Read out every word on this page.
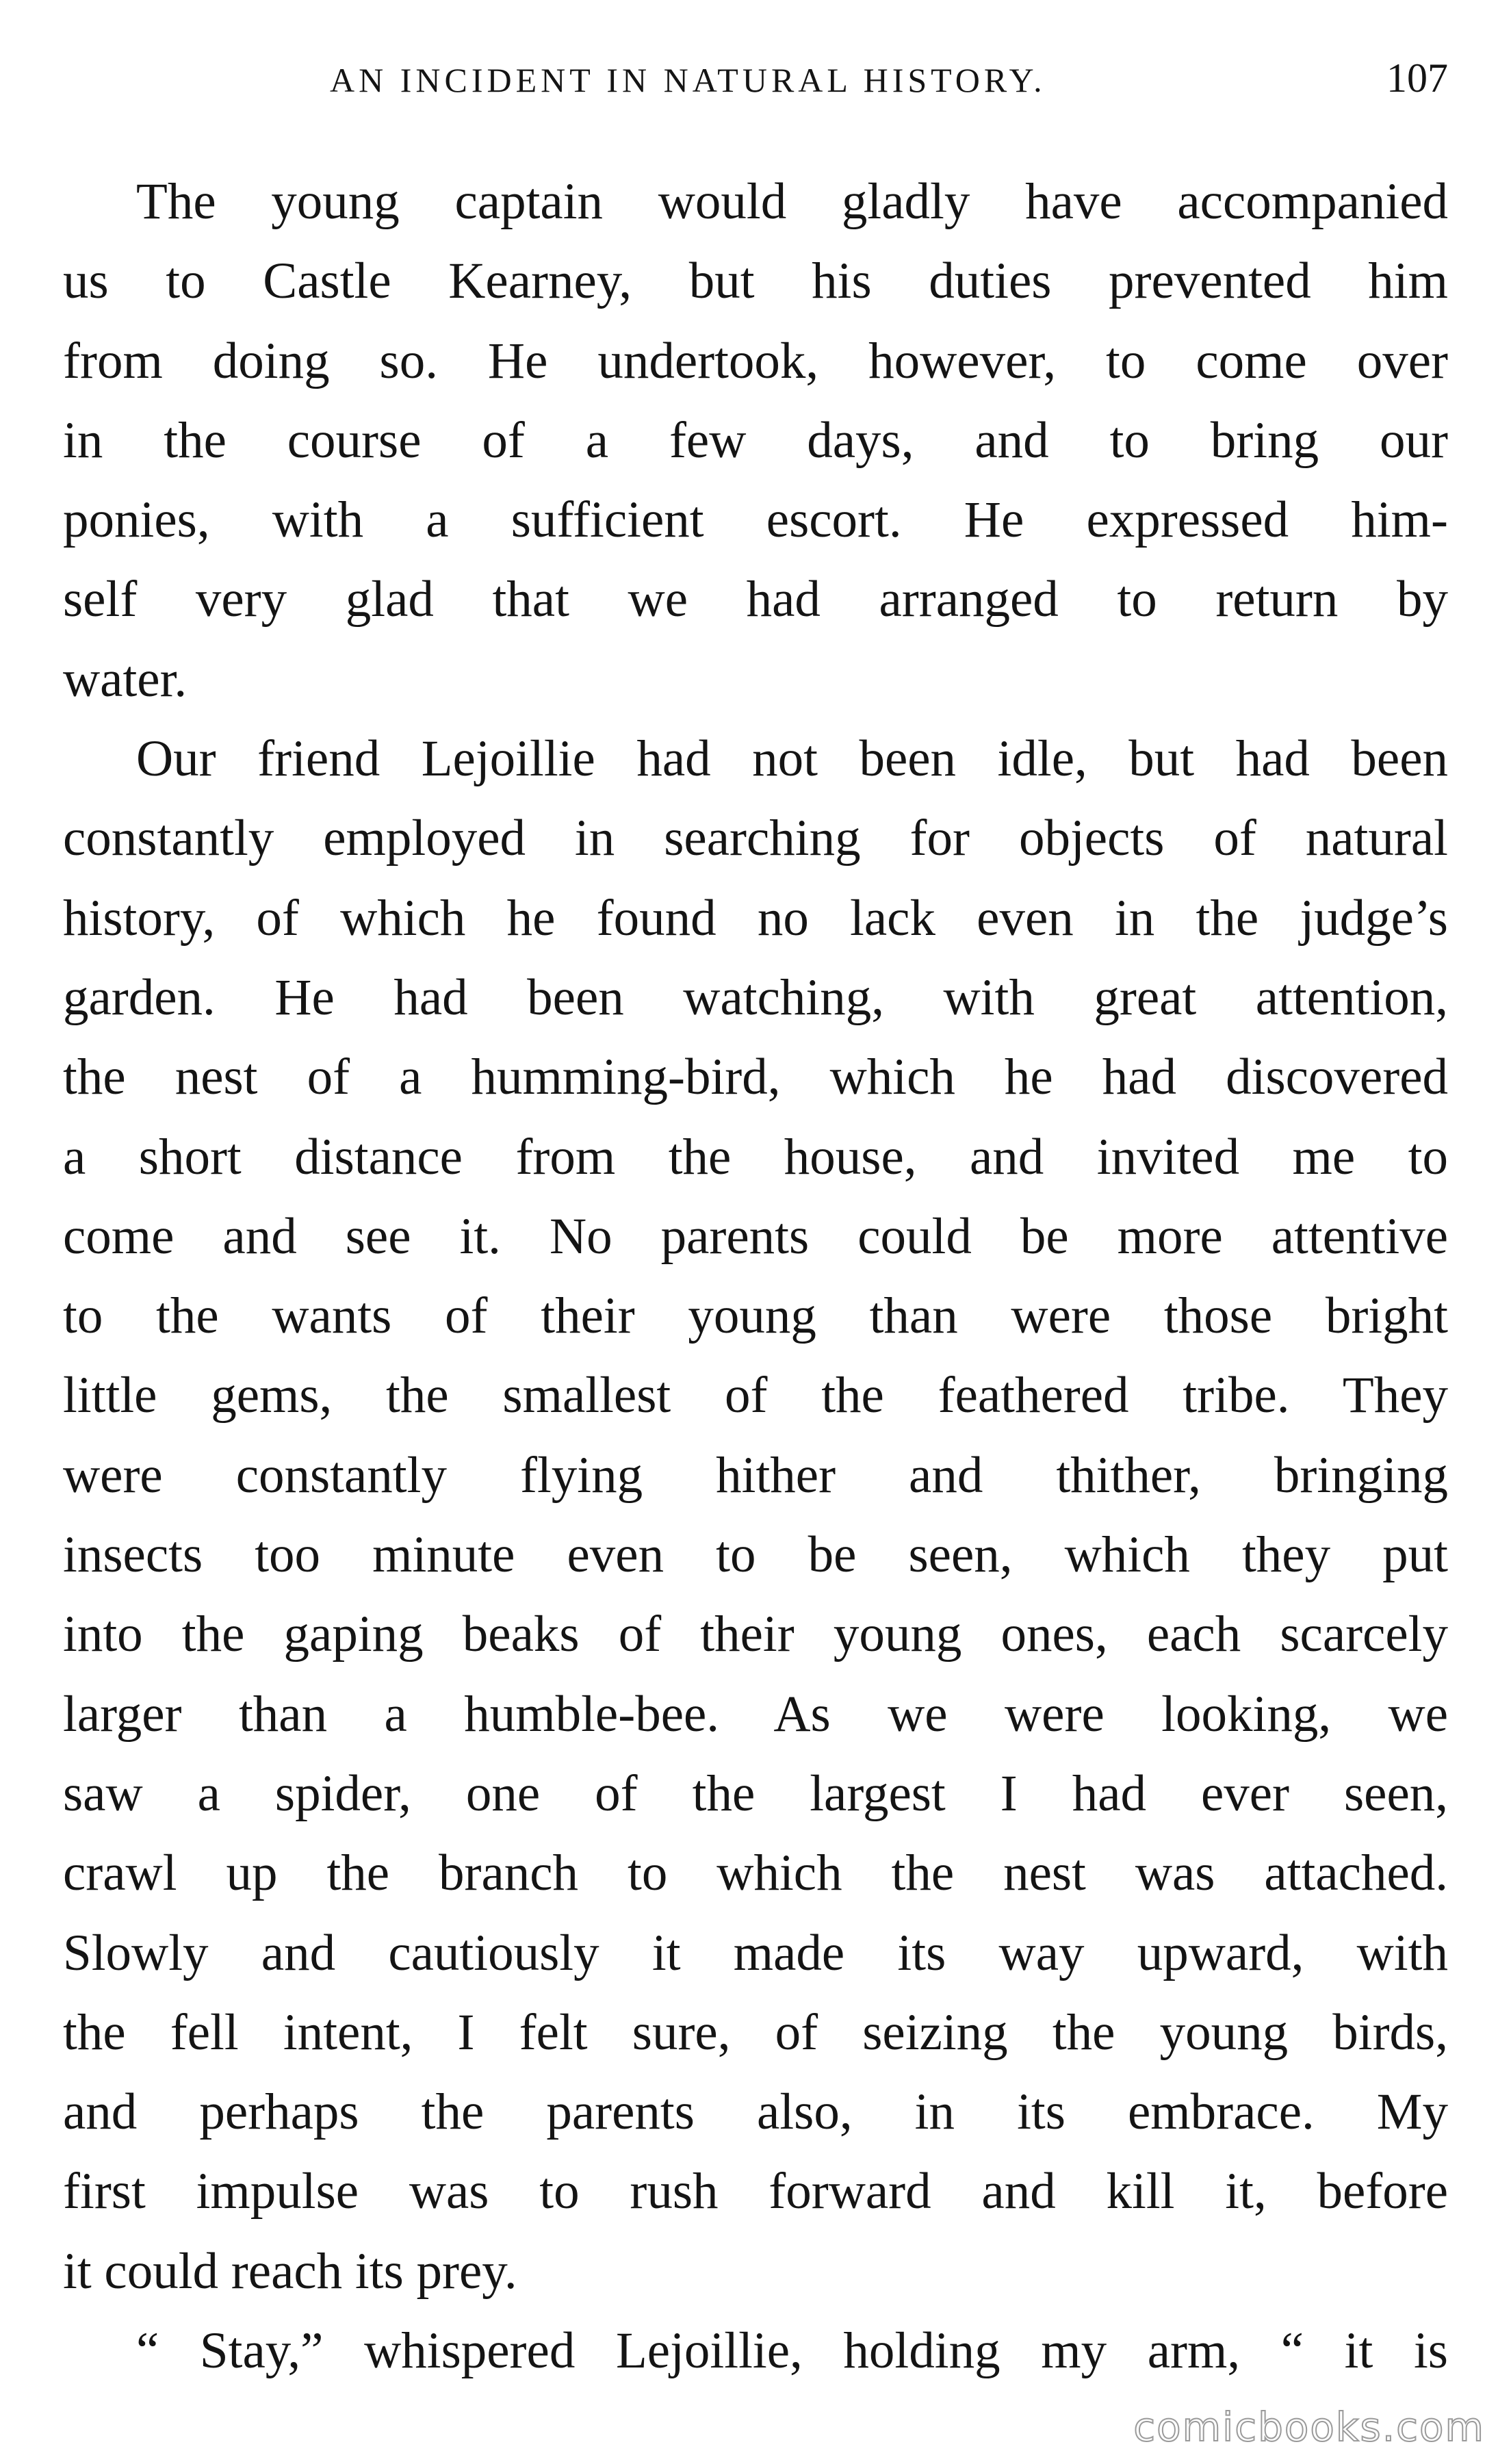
AN INCIDENT IN NATURAL HISTORY.	107
The young captain would gladly have accompanied
us to Castle Kearney, but his duties prevented him
from doing so. He undertook, however, to come over
in the course of a few days, and to bring our
ponies, with a sufficient escort. He expressed him-
self very glad that we had arranged to return by
water.
Our friend Lejoillie had not been idle, but had been
constantly employed in searching for objects of natural
history, of which he found no lack even in the judge’s
garden. He had been watching, with great attention,
the nest of a humming-bird, which he had discovered
a short distance from the house, and invited me to
come and see it. No parents could be more attentive
to the wants of their young than were those bright
little gems, the smallest of the feathered tribe. They
were constantly flying hither and thither, bringing
insects too minute even to be seen, which they put
into the gaping beaks of their young ones, each scarcely
larger than a humble-bee. As we were looking, we
saw a spider, one of the largest I had ever seen,
crawl up the branch to which the nest was attached.
Slowly and cautiously it made its way upward, with
the fell intent, I felt sure, of seizing the young birds,
and perhaps the parents also, in its embrace. My
first impulse was to rush forward and kill it, before
it could reach its prey.
“ Stay,” whispered Lejoillie, holding my arm, “ it is
comicbooks.com
